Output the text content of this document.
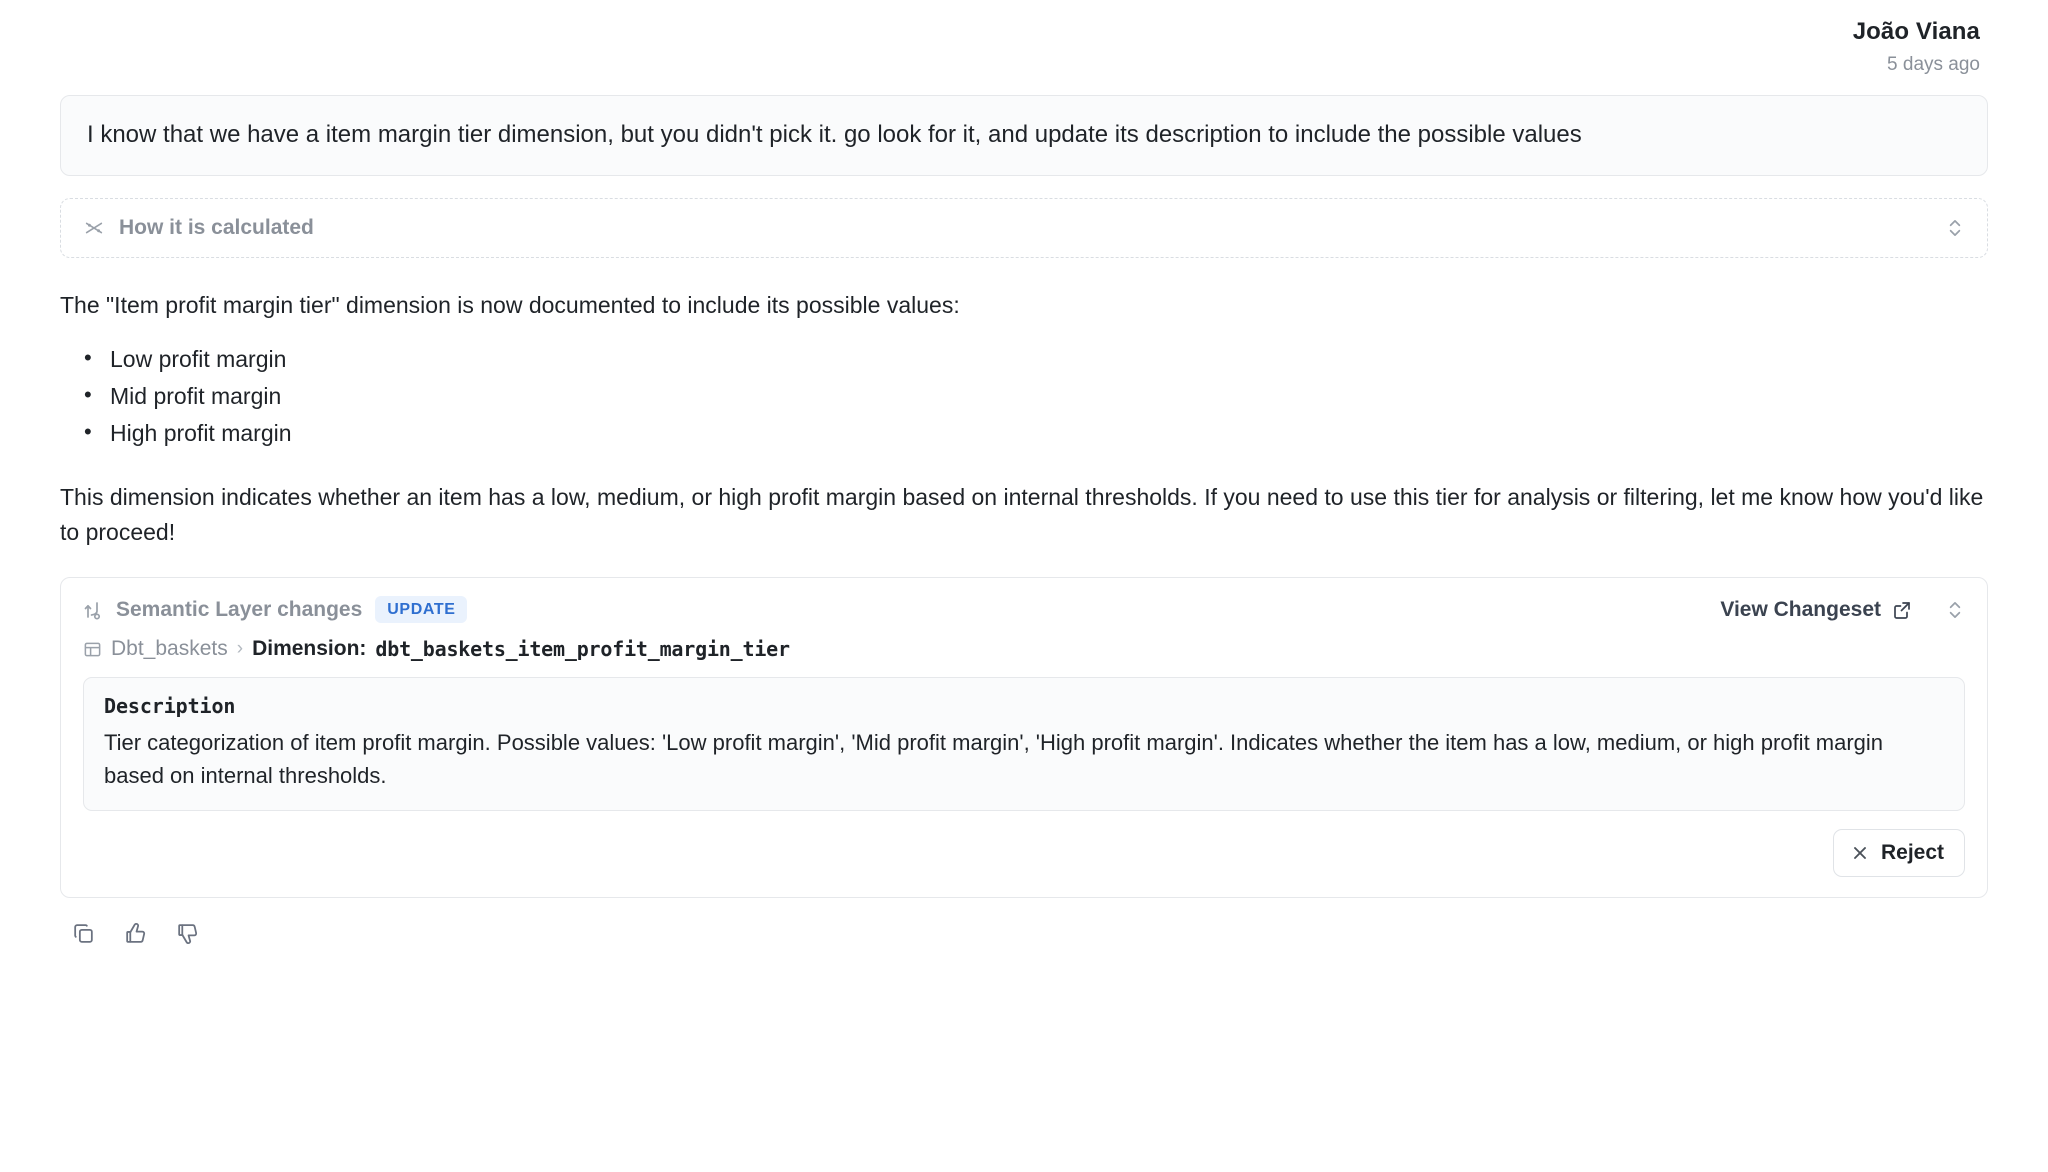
João Viana
5 days ago
I know that we have a item margin tier dimension, but you didn't pick it. go look for it, and update its description to include the possible values
How it is calculated
The "Item profit margin tier" dimension is now documented to include its possible values:
• Low profit margin
• Mid profit margin
• High profit margin
This dimension indicates whether an item has a low, medium, or high profit margin based on internal thresholds. If you need to use this tier for analysis or filtering, let me know how you'd like to proceed!
Semantic Layer changes	UPDATE	View Changeset
Dbt_baskets › Dimension: dbt_baskets_item_profit_margin_tier
Description
Tier categorization of item profit margin. Possible values: 'Low profit margin', 'Mid profit margin', 'High profit margin'. Indicates whether the item has a low, medium, or high profit margin based on internal thresholds.
Reject
